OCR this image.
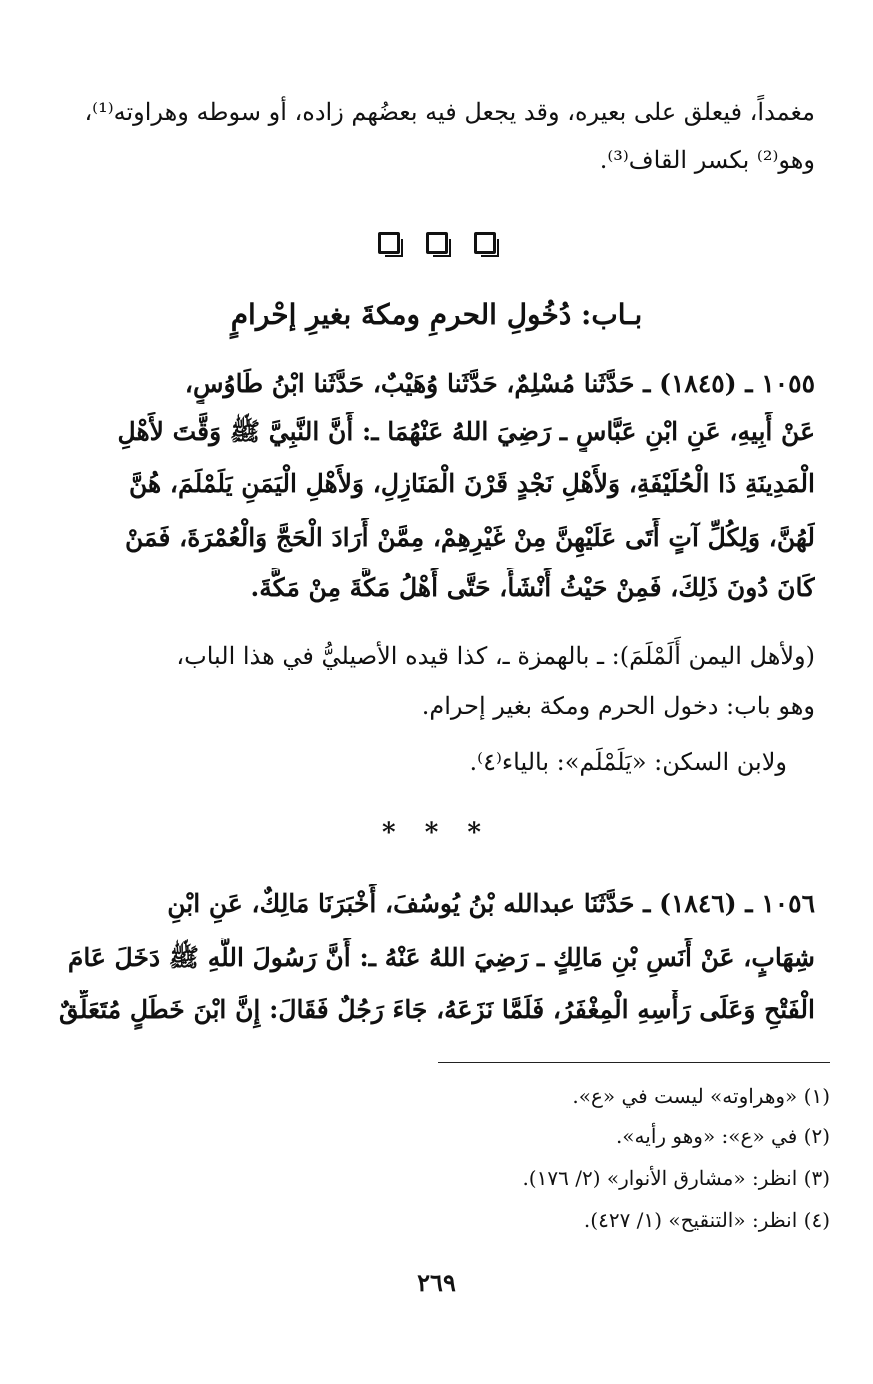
مغمداً، فيعلق على بعيره، وقد يجعل فيه بعضُهم زاده، أو سوطه وهراوته⁽¹⁾،
وهو⁽²⁾ بكسر القاف⁽³⁾.
بـاب: دُخُولِ الحرمِ ومكةَ بغيرِ إحْرامٍ
١٠٥٥ ـ (١٨٤٥) ـ حَدَّثَنا مُسْلِمٌ، حَدَّثَنا وُهَيْبٌ، حَدَّثَنا ابْنُ طَاوُسٍ،
عَنْ أَبِيهِ، عَنِ ابْنِ عَبَّاسٍ ـ رَضِيَ اللهُ عَنْهُمَا ـ: أَنَّ النَّبِيَّ ﷺ وَقَّتَ لأَهْلِ
الْمَدِينَةِ ذَا الْحُلَيْفَةِ، وَلأَهْلِ نَجْدٍ قَرْنَ الْمَنَازِلِ، وَلأَهْلِ الْيَمَنِ يَلَمْلَمَ، هُنَّ
لَهُنَّ، وَلِكُلِّ آتٍ أَتَى عَلَيْهِنَّ مِنْ غَيْرِهِمْ، مِمَّنْ أَرَادَ الْحَجَّ وَالْعُمْرَةَ، فَمَنْ
كَانَ دُونَ ذَلِكَ، فَمِنْ حَيْثُ أَنْشَأَ، حَتَّى أَهْلُ مَكَّةَ مِنْ مَكَّةَ.
(ولأهل اليمن أَلَمْلَمَ): ـ بالهمزة ـ، كذا قيده الأصيليُّ في هذا الباب،
وهو باب: دخول الحرم ومكة بغير إحرام.
ولابن السكن: «يَلَمْلَم»: بالياء⁽٤⁾.
* * *
١٠٥٦ ـ (١٨٤٦) ـ حَدَّثَنَا عبدالله بْنُ يُوسُفَ، أَخْبَرَنَا مَالِكٌ، عَنِ ابْنِ
شِهَابٍ، عَنْ أَنَسِ بْنِ مَالِكٍ ـ رَضِيَ اللهُ عَنْهُ ـ: أَنَّ رَسُولَ اللَّهِ ﷺ دَخَلَ عَامَ
الْفَتْحِ وَعَلَى رَأْسِهِ الْمِغْفَرُ، فَلَمَّا نَزَعَهُ، جَاءَ رَجُلٌ فَقَالَ: إِنَّ ابْنَ خَطَلٍ مُتَعَلِّقٌ
(١) «وهراوته» ليست في «ع».
(٢) في «ع»: «وهو رأيه».
(٣) انظر: «مشارق الأنوار» (٢/ ١٧٦).
(٤) انظر: «التنقيح» (١/ ٤٢٧).
٢٦٩
